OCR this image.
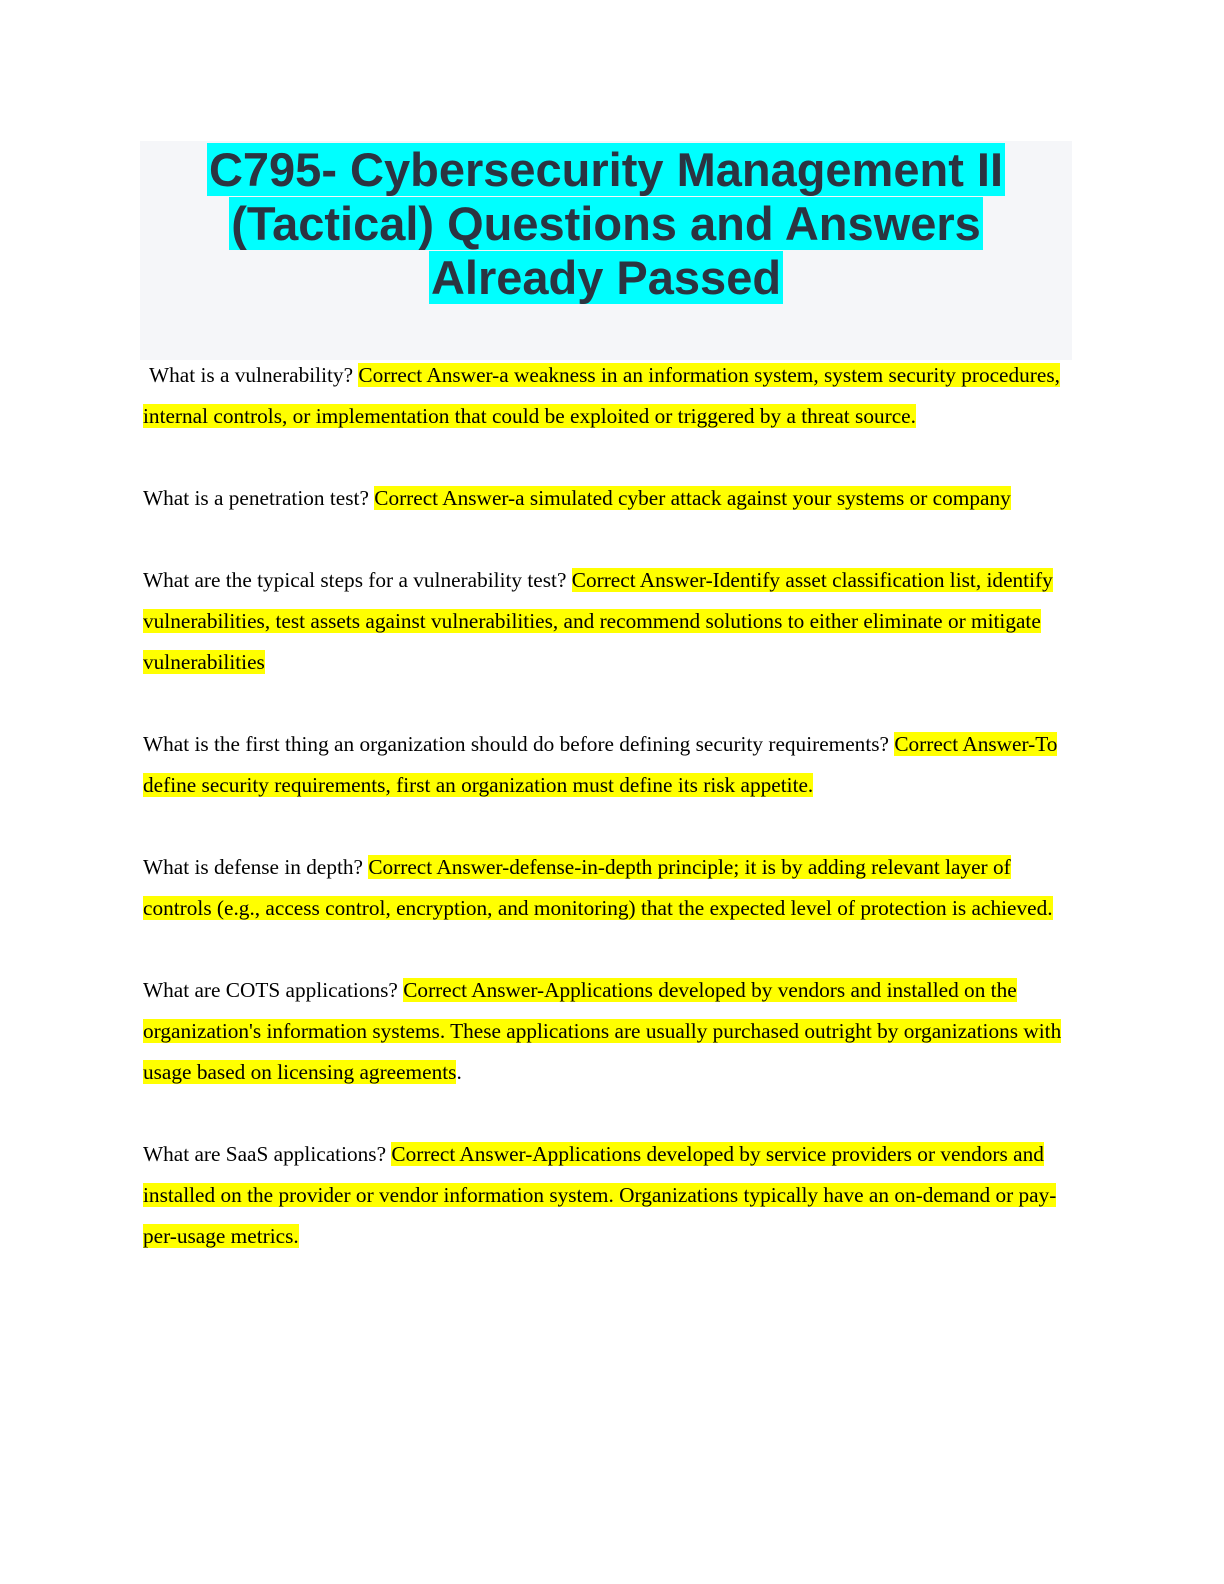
C795- Cybersecurity Management II
(Tactical) Questions and Answers
Already Passed

What is a vulnerability? Correct Answer-a weakness in an information system, system security procedures, internal controls, or implementation that could be exploited or triggered by a threat source.

What is a penetration test? Correct Answer-a simulated cyber attack against your systems or company

What are the typical steps for a vulnerability test? Correct Answer-Identify asset classification list, identify vulnerabilities, test assets against vulnerabilities, and recommend solutions to either eliminate or mitigate vulnerabilities

What is the first thing an organization should do before defining security requirements? Correct Answer-To define security requirements, first an organization must define its risk appetite.

What is defense in depth? Correct Answer-defense-in-depth principle; it is by adding relevant layer of controls (e.g., access control, encryption, and monitoring) that the expected level of protection is achieved.

What are COTS applications? Correct Answer-Applications developed by vendors and installed on the organization's information systems. These applications are usually purchased outright by organizations with usage based on licensing agreements.

What are SaaS applications? Correct Answer-Applications developed by service providers or vendors and installed on the provider or vendor information system. Organizations typically have an on-demand or pay-per-usage metrics.
